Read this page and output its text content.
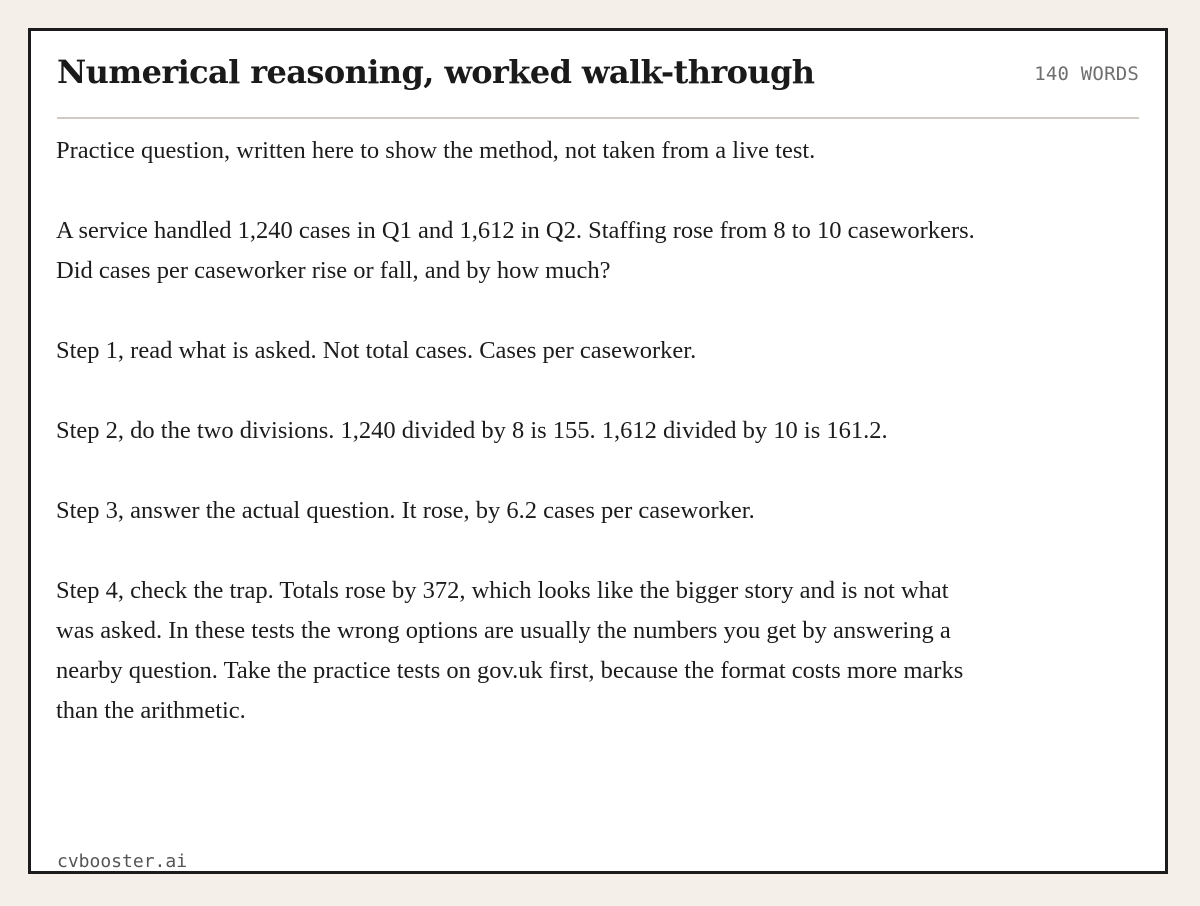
Numerical reasoning, worked walk-through	140 WORDS
cvbooster.ai

Practice question, written here to show the method, not taken from a live test.

A service handled 1,240 cases in Q1 and 1,612 in Q2. Staffing rose from 8 to 10 caseworkers. Did cases per caseworker rise or fall, and by how much?

Step 1, read what is asked. Not total cases. Cases per caseworker.

Step 2, do the two divisions. 1,240 divided by 8 is 155. 1,612 divided by 10 is 161.2.

Step 3, answer the actual question. It rose, by 6.2 cases per caseworker.

Step 4, check the trap. Totals rose by 372, which looks like the bigger story and is not what was asked. In these tests the wrong options are usually the numbers you get by answering a nearby question. Take the practice tests on gov.uk first, because the format costs more marks than the arithmetic.
